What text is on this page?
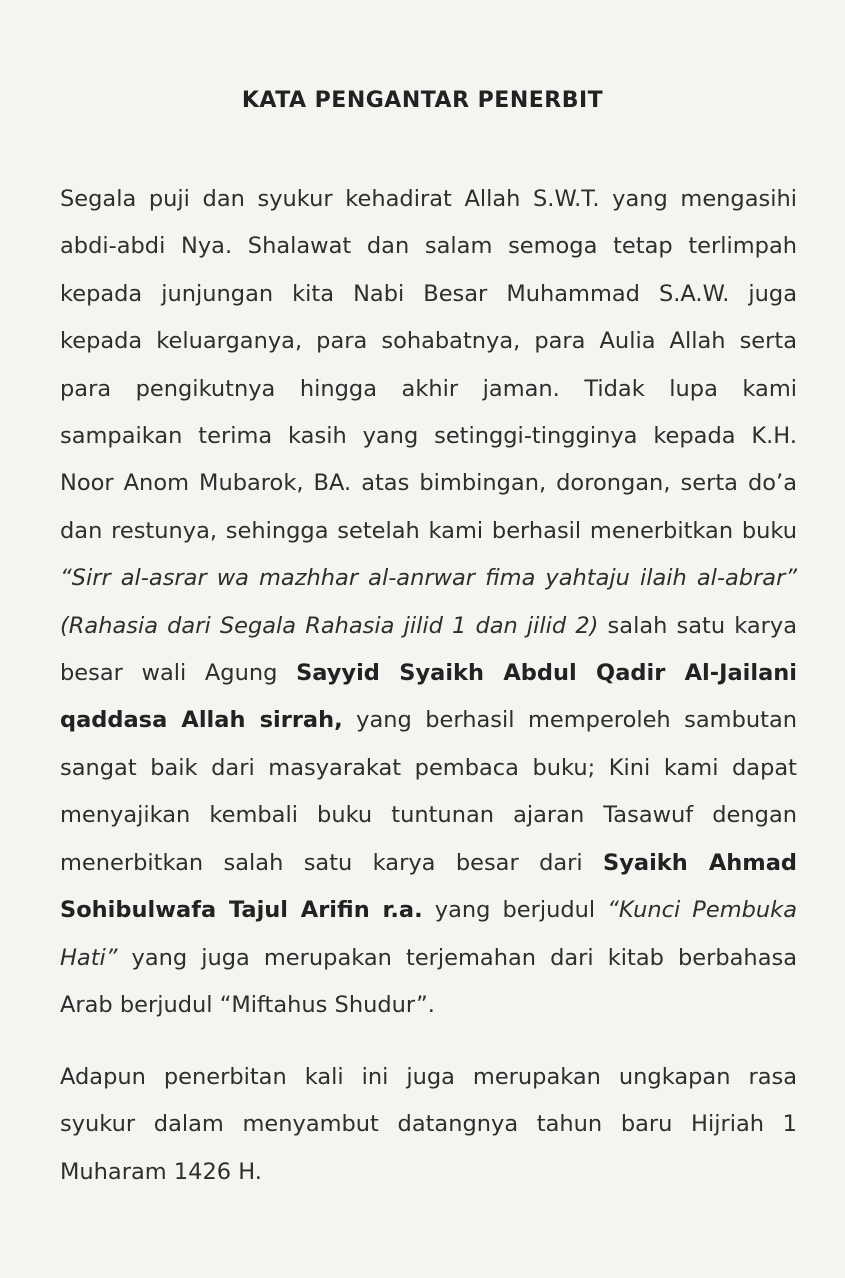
KATA PENGANTAR PENERBIT

Segala puji dan syukur kehadirat Allah S.W.T. yang mengasihi abdi-abdi Nya. Shalawat dan salam semoga tetap terlimpah kepada junjungan kita Nabi Besar Muhammad S.A.W. juga kepada keluarganya, para sohabatnya, para Aulia Allah serta para pengikutnya hingga akhir jaman. Tidak lupa kami sampaikan terima kasih yang setinggi-tingginya kepada K.H. Noor Anom Mubarok, BA. atas bimbingan, dorongan, serta do’a dan restunya, sehingga setelah kami berhasil menerbitkan buku “Sirr al-asrar wa mazhhar al-anrwar fima yahtaju ilaih al-abrar” (Rahasia dari Segala Rahasia jilid 1 dan jilid 2) salah satu karya besar wali Agung Sayyid Syaikh Abdul Qadir Al-Jailani qaddasa Allah sirrah, yang berhasil memperoleh sambutan sangat baik dari masyarakat pembaca buku; Kini kami dapat menyajikan kembali buku tuntunan ajaran Tasawuf dengan menerbitkan salah satu karya besar dari Syaikh Ahmad Sohibulwafa Tajul Arifin r.a. yang berjudul “Kunci Pembuka Hati” yang juga merupakan terjemahan dari kitab berbahasa Arab berjudul “Miftahus Shudur”.

Adapun penerbitan kali ini juga merupakan ungkapan rasa syukur dalam menyambut datangnya tahun baru Hijriah 1 Muharam 1426 H.
